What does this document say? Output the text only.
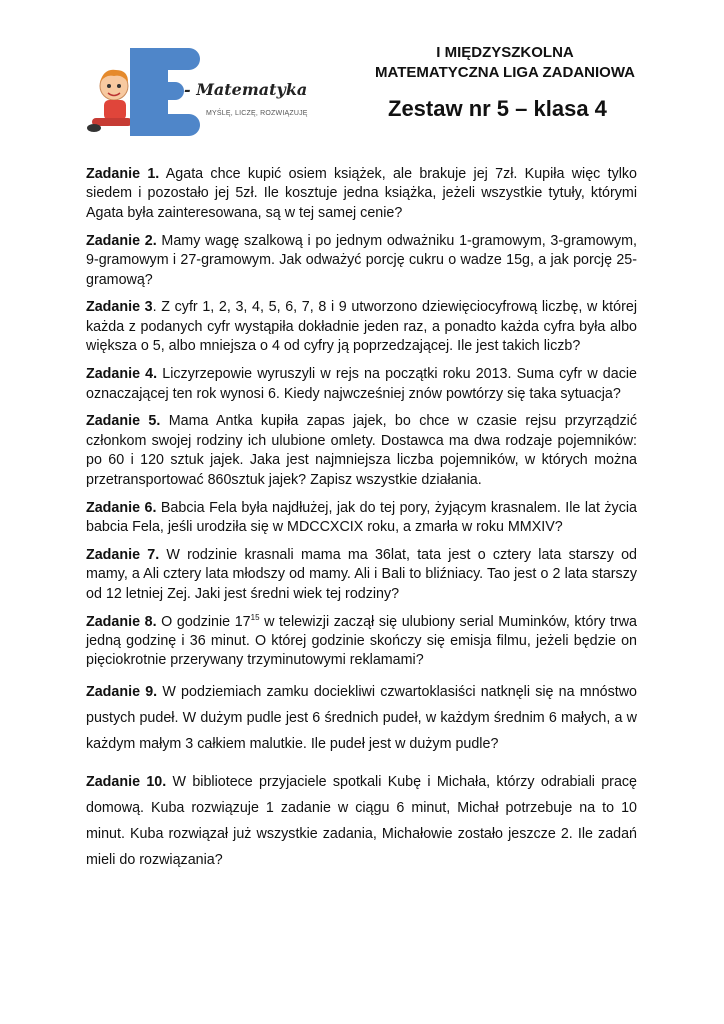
- Matematyka
MYŚLĘ, LICZĘ, ROZWIĄZUJĘ
I MIĘDZYSZKOLNA
MATEMATYCZNA LIGA ZADANIOWA
Zestaw nr 5 – klasa 4

Zadanie 1. Agata chce kupić osiem książek, ale brakuje jej 7zł. Kupiła więc tylko siedem i pozostało jej 5zł. Ile kosztuje jedna książka, jeżeli wszystkie tytuły, którymi Agata była zainteresowana, są w tej samej cenie?

Zadanie 2. Mamy wagę szalkową i po jednym odważniku 1-gramowym, 3-gramowym, 9-gramowym i 27-gramowym. Jak odważyć porcję cukru o wadze 15g, a jak porcję 25-gramową?

Zadanie 3. Z cyfr 1, 2, 3, 4, 5, 6, 7, 8 i 9 utworzono dziewięciocyfrową liczbę, w której każda z podanych cyfr wystąpiła dokładnie jeden raz, a ponadto każda cyfra była albo większa o 5, albo mniejsza o 4 od cyfry ją poprzedzającej. Ile jest takich liczb?

Zadanie 4. Liczyrzepowie wyruszyli w rejs na początki roku 2013. Suma cyfr w dacie oznaczającej ten rok wynosi 6. Kiedy najwcześniej znów powtórzy się taka sytuacja?

Zadanie 5. Mama Antka kupiła zapas jajek, bo chce w czasie rejsu przyrządzić członkom swojej rodziny ich ulubione omlety. Dostawca ma dwa rodzaje pojemników: po 60 i 120 sztuk jajek. Jaka jest najmniejsza liczba pojemników, w których można przetransportować 860sztuk jajek? Zapisz wszystkie działania.

Zadanie 6. Babcia Fela była najdłużej, jak do tej pory, żyjącym krasnalem. Ile lat życia babcia Fela, jeśli urodziła się w MDCCXCIX roku, a zmarła w roku MMXIV?

Zadanie 7. W rodzinie krasnali mama ma 36lat, tata jest o cztery lata starszy od mamy, a Ali cztery lata młodszy od mamy. Ali i Bali to bliźniacy. Tao jest o 2 lata starszy od 12 letniej Zej. Jaki jest średni wiek tej rodziny?

Zadanie 8. O godzinie $17^{15}$ w telewizji zaczął się ulubiony serial Muminków, który trwa jedną godzinę i 36 minut. O której godzinie skończy się emisja filmu, jeżeli będzie on pięciokrotnie przerywany trzyminutowymi reklamami?

Zadanie 9. W podziemiach zamku dociekliwi czwartoklasiści natknęli się na mnóstwo pustych pudeł. W dużym pudle jest 6 średnich pudeł, w każdym średnim 6 małych, a w każdym małym 3 całkiem malutkie. Ile pudeł jest w dużym pudle?

Zadanie 10. W bibliotece przyjaciele spotkali Kubę i Michała, którzy odrabiali pracę domową. Kuba rozwiązuje 1 zadanie w ciągu 6 minut, Michał potrzebuje na to 10 minut. Kuba rozwiązał już wszystkie zadania, Michałowie zostało jeszcze 2. Ile zadań mieli do rozwiązania?
